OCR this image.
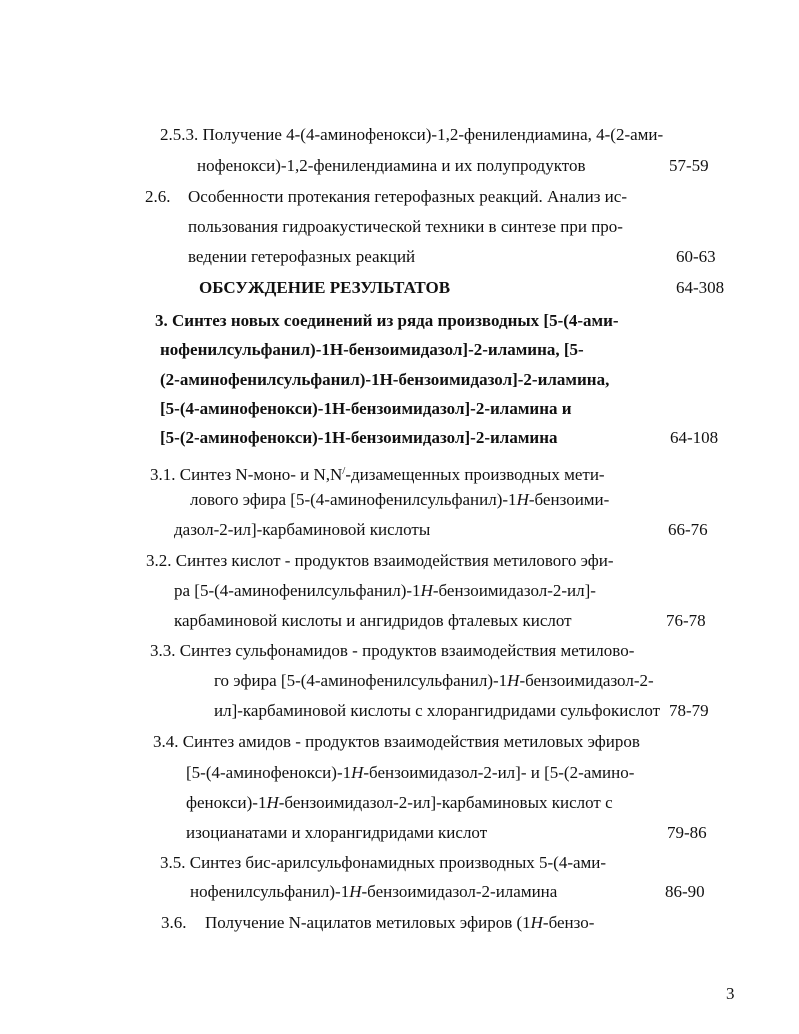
2.5.3. Получение 4-(4-аминофенокси)-1,2-фенилендиамина, 4-(2-ами-
нофенокси)-1,2-фенилендиамина и их полупродуктов	57-59
2.6. Особенности протекания гетерофазных реакций. Анализ ис-
пользования гидроакустической техники в синтезе при про-
ведении гетерофазных реакций	60-63
ОБСУЖДЕНИЕ РЕЗУЛЬТАТОВ	64-308
3. Синтез новых соединений из ряда производных [5-(4-ами-
нофенилсульфанил)-1Н-бензоимидазол]-2-иламина, [5-
(2-аминофенилсульфанил)-1Н-бензоимидазол]-2-иламина,
[5-(4-аминофенокси)-1Н-бензоимидазол]-2-иламина и
[5-(2-аминофенокси)-1Н-бензоимидазол]-2-иламина	64-108
3.1. Синтез N-моно- и N,N/-дизамещенных производных мети-
лового эфира [5-(4-аминофенилсульфанил)-1Н-бензоими-
дазол-2-ил]-карбаминовой кислоты	66-76
3.2. Синтез кислот - продуктов взаимодействия метилового эфи-
ра [5-(4-аминофенилсульфанил)-1Н-бензоимидазол-2-ил]-
карбаминовой кислоты и ангидридов фталевых кислот	76-78
3.3. Синтез сульфонамидов - продуктов взаимодействия метилово-
го эфира [5-(4-аминофенилсульфанил)-1Н-бензоимидазол-2-
ил]-карбаминовой кислоты с хлорангидридами сульфокислот 78-79
3.4. Синтез амидов - продуктов взаимодействия метиловых эфиров
[5-(4-аминофенокси)-1Н-бензоимидазол-2-ил]- и [5-(2-амино-
фенокси)-1Н-бензоимидазол-2-ил]-карбаминовых кислот с
изоцианатами и хлорангидридами кислот	79-86
3.5. Синтез бис-арилсульфонамидных производных 5-(4-ами-
нофенилсульфанил)-1Н-бензоимидазол-2-иламина	86-90
3.6. Получение N-ацилатов метиловых эфиров (1Н-бензо-
3
